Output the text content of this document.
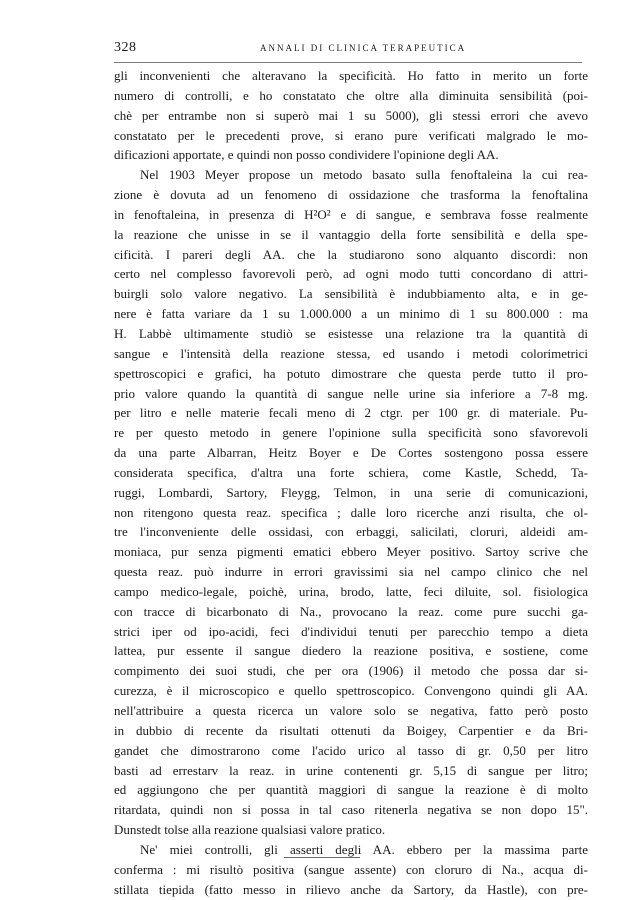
328	ANNALI DI CLINICA TERAPEUTICA
gli inconvenienti che alteravano la specificità. Ho fatto in merito un forte
numero di controlli, e ho constatato che oltre alla diminuita sensibilità (poi-
chè per entrambe non si superò mai 1 su 5000), gli stessi errori che avevo
constatato per le precedenti prove, si erano pure verificati malgrado le mo-
dificazioni apportate, e quindi non posso condividere l'opinione degli AA.
Nel 1903 Meyer propose un metodo basato sulla fenoftaleina la cui rea-
zione è dovuta ad un fenomeno di ossidazione che trasforma la fenoftalina
in fenoftaleina, in presenza di H²O² e di sangue, e sembrava fosse realmente
la reazione che unisse in se il vantaggio della forte sensibilità e della spe-
cificità. I pareri degli AA. che la studiarono sono alquanto discordi: non
certo nel complesso favorevoli però, ad ogni modo tutti concordano di attri-
buirgli solo valore negativo. La sensibilità è indubbiamento alta, e in ge-
nere è fatta variare da 1 su 1.000.000 a un minimo di 1 su 800.000 : ma
H. Labbè ultimamente studiò se esistesse una relazione tra la quantità di
sangue e l'intensità della reazione stessa, ed usando i metodi colorimetrici
spettroscopici e grafici, ha potuto dimostrare che questa perde tutto il pro-
prio valore quando la quantità di sangue nelle urine sia inferiore a 7-8 mg.
per litro e nelle materie fecali meno di 2 ctgr. per 100 gr. di materiale. Pu-
re per questo metodo in genere l'opinione sulla specificità sono sfavorevoli
da una parte Albarran, Heitz Boyer e De Cortes sostengono possa essere
considerata specifica, d'altra una forte schiera, come Kastle, Schedd, Ta-
ruggi, Lombardi, Sartory, Fleygg, Telmon, in una serie di comunicazioni,
non ritengono questa reaz. specifica ; dalle loro ricerche anzi risulta, che ol-
tre l'inconveniente delle ossidasi, con erbaggi, salicilati, cloruri, aldeidi am-
moniaca, pur senza pigmenti ematici ebbero Meyer positivo. Sartoy scrive che
questa reaz. può indurre in errori gravissimi sia nel campo clinico che nel
campo medico-legale, poichè, urina, brodo, latte, feci diluite, sol. fisiologica
con tracce di bicarbonato di Na., provocano la reaz. come pure succhi ga-
strici iper od ipo-acidi, feci d'individui tenuti per parecchio tempo a dieta
lattea, pur essente il sangue diedero la reazione positiva, e sostiene, come
compimento dei suoi studi, che per ora (1906) il metodo che possa dar si-
curezza, è il microscopico e quello spettroscopico. Convengono quindi gli AA.
nell'attribuire a questa ricerca un valore solo se negativa, fatto però posto
in dubbio di recente da risultati ottenuti da Boigey, Carpentier e da Bri-
gandet che dimostrarono come l'acido urico al tasso di gr. 0,50 per litro
basti ad errestarv la reaz. in urine contenenti gr. 5,15 di sangue per litro;
ed aggiungono che per quantità maggiori di sangue la reazione è di molto
ritardata, quindi non si possa in tal caso ritenerla negativa se non dopo 15".
Dunstedt tolse alla reazione qualsiasi valore pratico.
Ne' miei controlli, gli asserti degli AA. ebbero per la massima parte
conferma : mi risultò positiva (sangue assente) con cloruro di Na., acqua di-
stillata tiepida (fatto messo in rilievo anche da Sartory, da Hastle), con pre-
